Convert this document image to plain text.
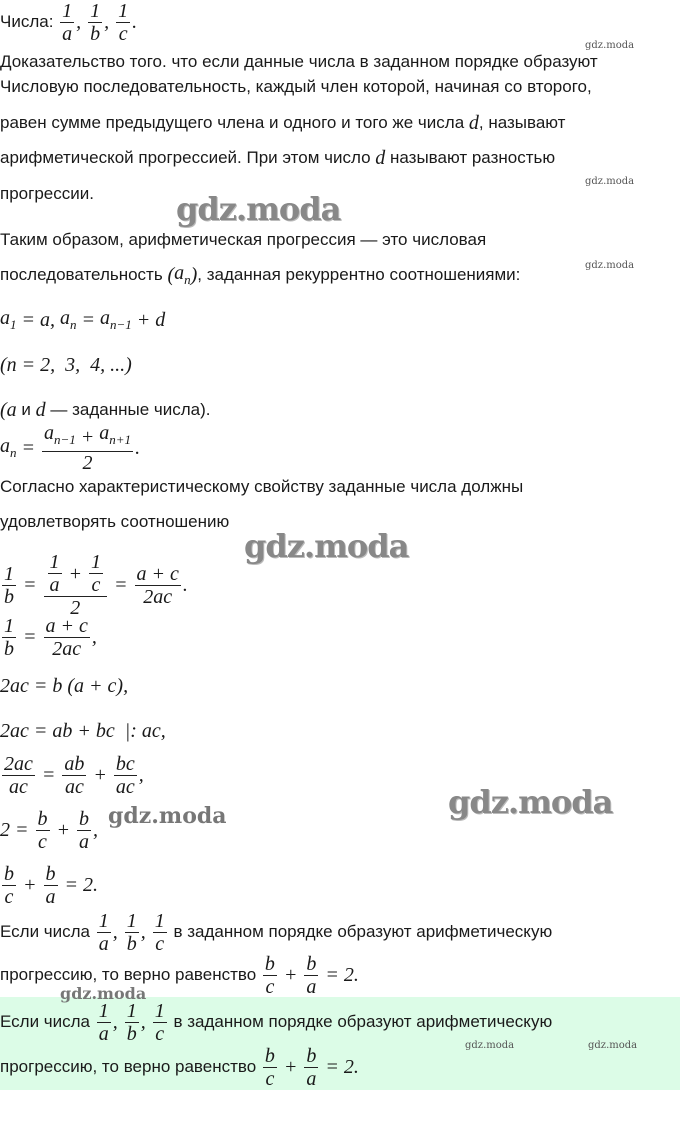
Числа: $\frac{1}{a}$ , $\frac{1}{b}$ , $\frac{1}{c}$ .
Доказательство того. что если данные числа в заданном порядке образуют
Числовую последовательность, каждый член которой, начиная со второго,
равен сумме предыдущего члена и одного и того же числа d , называют
арифметической прогрессией. При этом число d называют разностью
прогрессии.
Таким образом, арифметическая прогрессия — это числовая
последовательность ( $a_n$ ) , заданная рекуррентно соотношениями:
$a_1 = a$, $a_n = a_{n-1} + d$
(n = 2,  3,  4, ...)
(a и d — заданные числа).
$a_n = \frac{a_{n-1} + a_{n+1}}{2}$ .
Согласно характеристическому свойству заданные числа должны
удовлетворять соотношению
$\frac{1}{b} = \frac{\frac{1}{a} + \frac{1}{c}}{2} = \frac{a + c}{2ac}$ .
$\frac{1}{b} = \frac{a + c}{2ac}$ ,
2ac = b (a + c),
2ac = ab + bc  |: ac,
$\frac{2ac}{ac} = \frac{ab}{ac} + \frac{bc}{ac}$ ,
$2 = \frac{b}{c} + \frac{b}{a}$ ,
$\frac{b}{c} + \frac{b}{a} = 2$.
Если числа $\frac{1}{a}$ , $\frac{1}{b}$ , $\frac{1}{c}$ в заданном порядке образуют арифметическую
прогрессию, то верно равенство $\frac{b}{c} + \frac{b}{a} = 2$.
Если числа $\frac{1}{a}$ , $\frac{1}{b}$ , $\frac{1}{c}$ в заданном порядке образуют арифметическую
прогрессию, то верно равенство $\frac{b}{c} + \frac{b}{a} = 2$.
gdz.moda
gdz.moda
gdz.moda
gdz.moda	gdz.moda
gdz.moda
gdz.moda
gdz.moda
gdz.moda
gdz.moda
